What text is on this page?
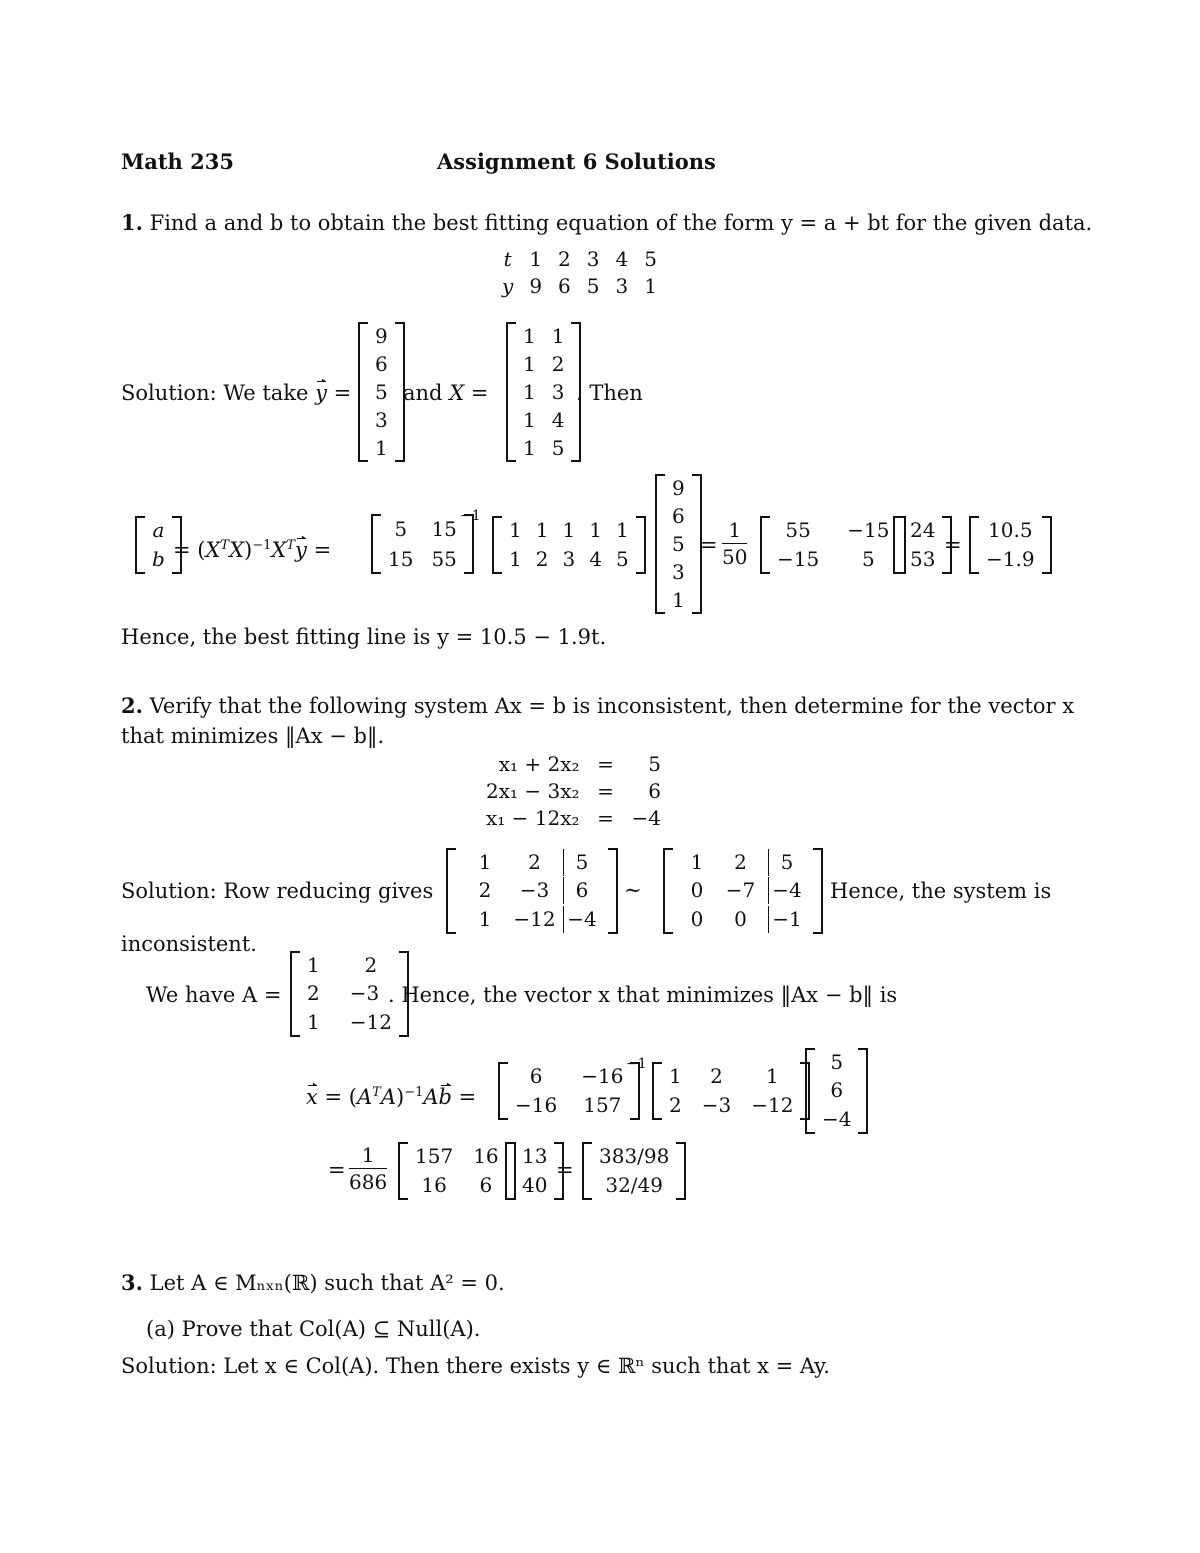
Math 235	Assignment 6 Solutions
1. Find a and b to obtain the best fitting equation of the form y = a + bt for the given data.
t	1	2	3	4	5
y	9	6	5	3	1
Solution: We take y =
9
6
5
3
1
and X =
1 1
1 2
1 3
1 4
1 5
. Then
a
$b = (X^TX)^{-1}X^Ty$ =
5 15
15 55
−1
1 1 1 1 1
1 2 3 4 5
9
6
5
3
1
= $\frac{1}{50} 55 -15$
−15 5
24
53
=
10.5
−1.9
Hence, the best fitting line is y = 10.5 − 1.9t.
2. Verify that the following system Ax = b is inconsistent, then determine for the vector x
that minimizes ‖Ax − b‖.
x₁ + 2x₂ = 5
2x₁ − 3x₂ = 6
x₁ − 12x₂ = −4
Solution: Row reducing gives
1	2	5
2	−3	6
1	−12 −4
∼
1	2	5
0	−7 −4
0	0	−1
Hence, the system is
inconsistent.
We have A =
1 2
2 −3
1 −12
. Hence, the vector x that minimizes ‖Ax − b‖ is
$x = (A^TA)^{-1}Ab$ =
6 −16
−16 157
−1 1 2 1
2 −3 −12
5
6
−4
= $\frac{1}{686} 157$ 16
16 6
13
40
=
383/98
32/49
3. Let A ∈ Mₙₓₙ(ℝ) such that A² = 0.
(a) Prove that Col(A) ⊆ Null(A).
Solution: Let x ∈ Col(A). Then there exists y ∈ ℝⁿ such that x = Ay.
